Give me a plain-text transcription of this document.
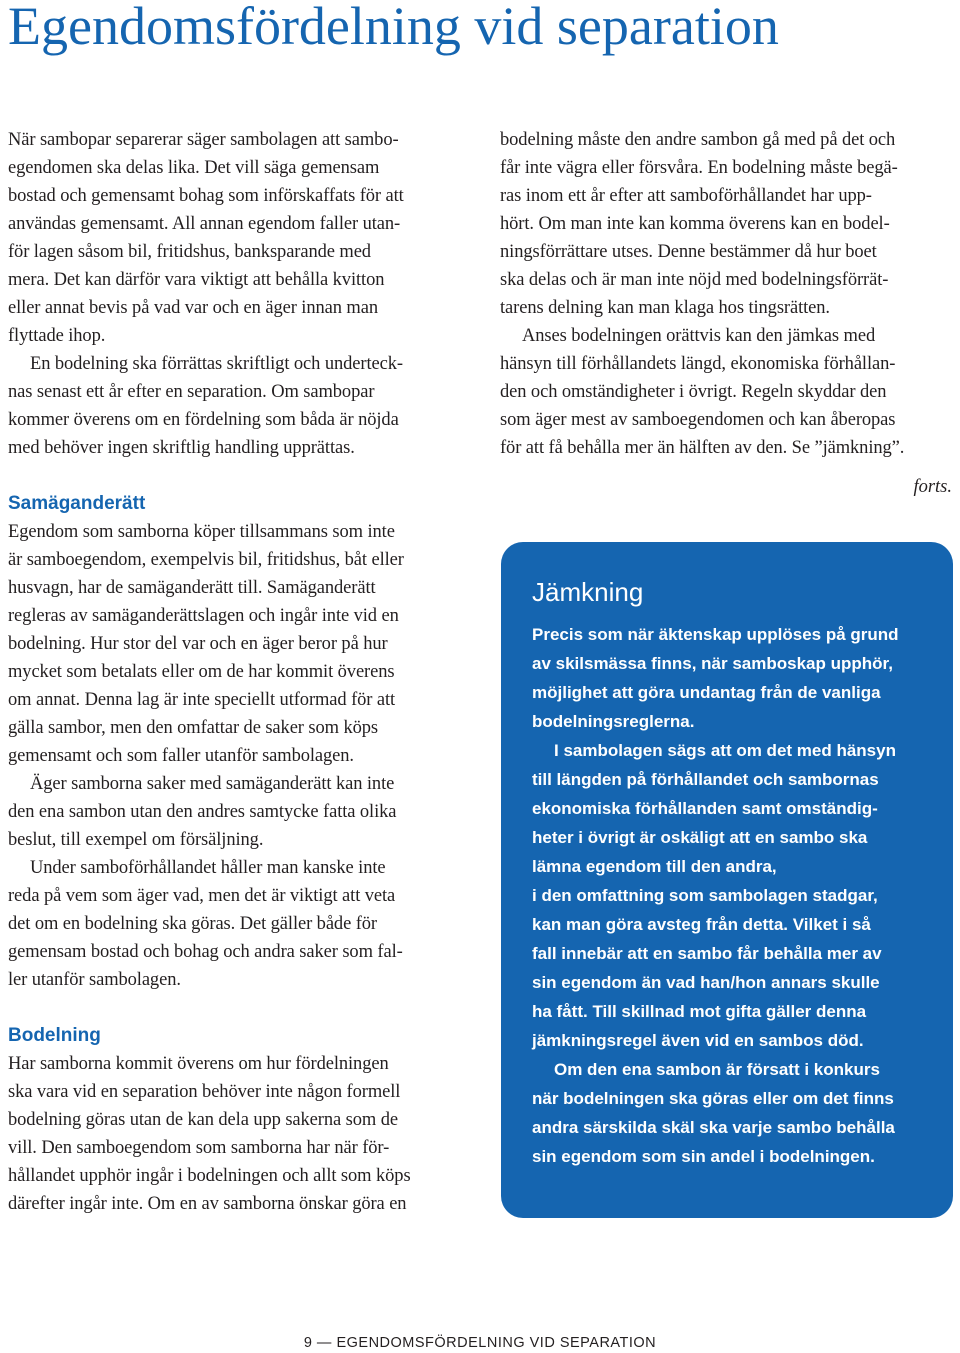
Egendomsfördelning vid separation

När sambopar separerar säger sambolagen att sambo-
egendomen ska delas lika. Det vill säga gemensam
bostad och gemensamt bohag som införskaffats för att
användas gemensamt. All annan egendom faller utan-
för lagen såsom bil, fritidshus, banksparande med
mera. Det kan därför vara viktigt att behålla kvitton
eller annat bevis på vad var och en äger innan man
flyttade ihop.

En bodelning ska förrättas skriftligt och underteck-
nas senast ett år efter en separation. Om sambopar
kommer överens om en fördelning som båda är nöjda
med behöver ingen skriftlig handling upprättas.

Samäganderätt

Egendom som samborna köper tillsammans som inte
är samboegendom, exempelvis bil, fritidshus, båt eller
husvagn, har de samäganderätt till. Samäganderätt
regleras av samäganderättslagen och ingår inte vid en
bodelning. Hur stor del var och en äger beror på hur
mycket som betalats eller om de har kommit överens
om annat. Denna lag är inte speciellt utformad för att
gälla sambor, men den omfattar de saker som köps
gemensamt och som faller utanför sambolagen.

Äger samborna saker med samäganderätt kan inte
den ena sambon utan den andres samtycke fatta olika
beslut, till exempel om försäljning.

Under samboförhållandet håller man kanske inte
reda på vem som äger vad, men det är viktigt att veta
det om en bodelning ska göras. Det gäller både för
gemensam bostad och bohag och andra saker som fal-
ler utanför sambolagen.

Bodelning

Har samborna kommit överens om hur fördelningen
ska vara vid en separation behöver inte någon formell
bodelning göras utan de kan dela upp sakerna som de
vill. Den samboegendom som samborna har när för-
hållandet upphör ingår i bodelningen och allt som köps
därefter ingår inte. Om en av samborna önskar göra en

bodelning måste den andre sambon gå med på det och
får inte vägra eller försvåra. En bodelning måste begä-
ras inom ett år efter att samboförhållandet har upp-
hört. Om man inte kan komma överens kan en bodel-
ningsförrättare utses. Denne bestämmer då hur boet
ska delas och är man inte nöjd med bodelningsförrät-
tarens delning kan man klaga hos tingsrätten.

Anses bodelningen orättvis kan den jämkas med
hänsyn till förhållandets längd, ekonomiska förhållan-
den och omständigheter i övrigt. Regeln skyddar den
som äger mest av samboegendomen och kan åberopas
för att få behålla mer än hälften av den. Se ”jämkning”.

forts.

Jämkning

Precis som när äktenskap upplöses på grund
av skilsmässa finns, när samboskap upphör,
möjlighet att göra undantag från de vanliga
bodelningsreglerna.

I sambolagen sägs att om det med hänsyn
till längden på förhållandet och sambornas
ekonomiska förhållanden samt omständig-
heter i övrigt är oskäligt att en sambo ska
lämna egendom till den andra,
i den omfattning som sambolagen stadgar,
kan man göra avsteg från detta. Vilket i så
fall innebär att en sambo får behålla mer av
sin egendom än vad han/hon annars skulle
ha fått. Till skillnad mot gifta gäller denna
jämkningsregel även vid en sambos död.

Om den ena sambon är försatt i konkurs
när bodelningen ska göras eller om det finns
andra särskilda skäl ska varje sambo behålla
sin egendom som sin andel i bodelningen.

9 — EGENDOMSFÖRDELNING VID SEPARATION
